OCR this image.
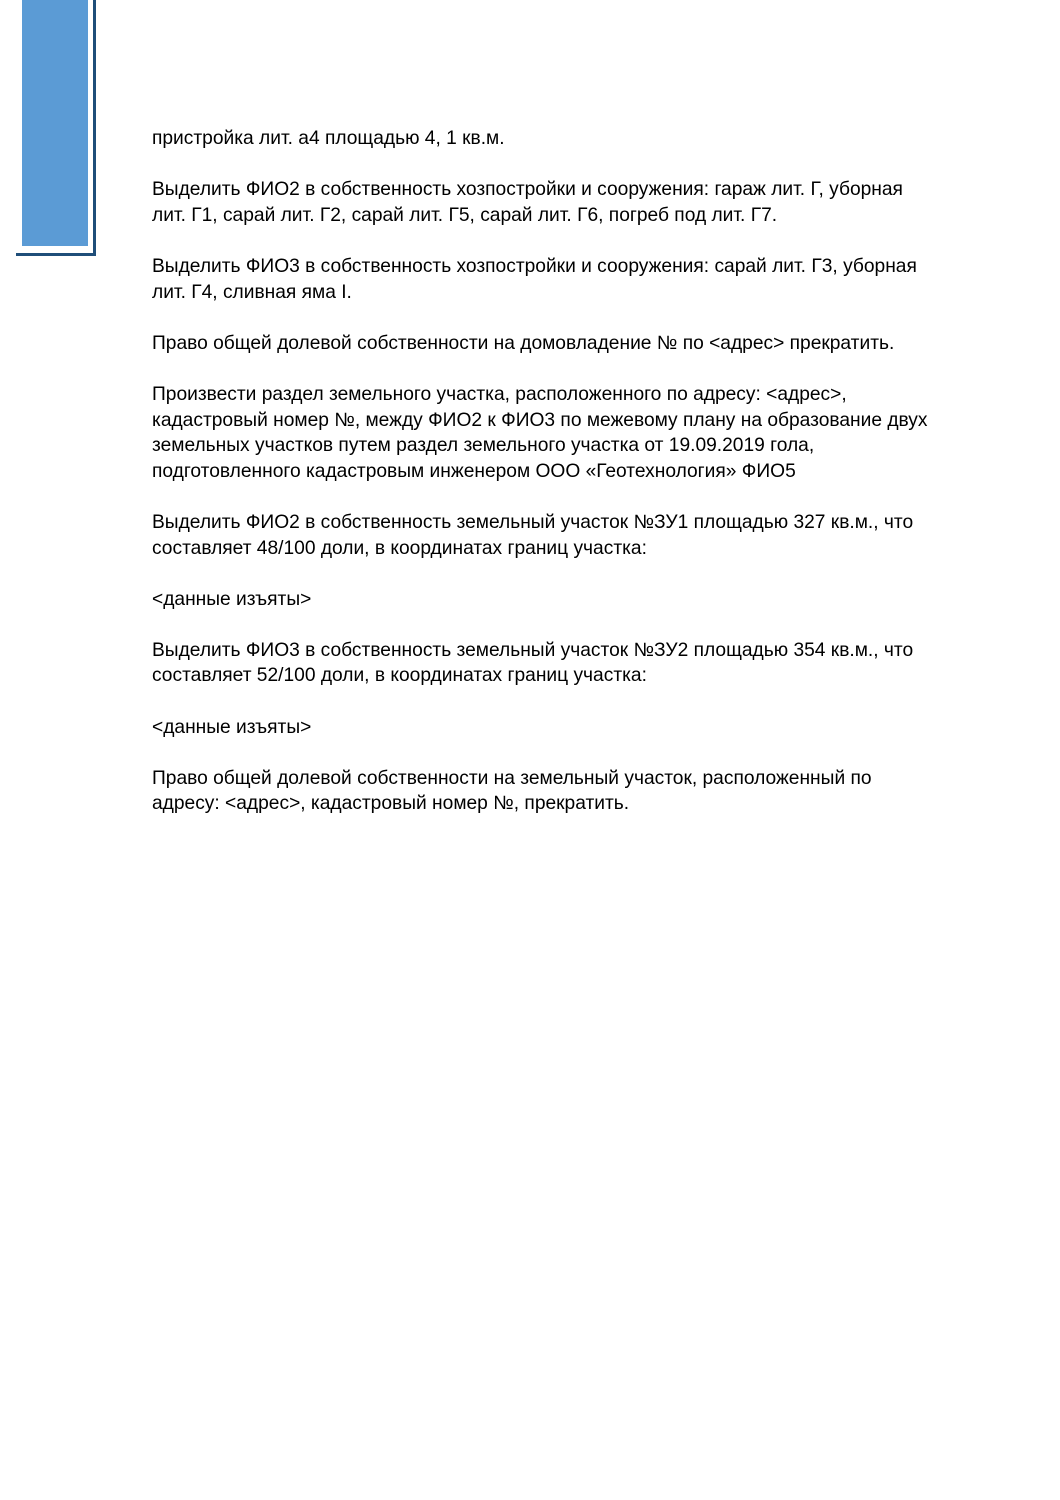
пристройка лит. а4 площадью 4, 1 кв.м.

Выделить ФИО2 в собственность хозпостройки и сооружения: гараж лит. Г, уборная
лит. Г1, сарай лит. Г2, сарай лит. Г5, сарай лит. Г6, погреб под лит. Г7.

Выделить ФИО3 в собственность хозпостройки и сооружения: сарай лит. Г3, уборная
лит. Г4, сливная яма I.

Право общей долевой собственности на домовладение № по <адрес> прекратить.

Произвести раздел земельного участка, расположенного по адресу: <адрес>,
кадастровый номер №, между ФИО2 к ФИО3 по межевому плану на образование двух
земельных участков путем раздел земельного участка от 19.09.2019 гола,
подготовленного кадастровым инженером ООО «Геотехнология» ФИО5

Выделить ФИО2 в собственность земельный участок №ЗУ1 площадью 327 кв.м., что
составляет 48/100 доли, в координатах границ участка:

<данные изъяты>

Выделить ФИО3 в собственность земельный участок №ЗУ2 площадью 354 кв.м., что
составляет 52/100 доли, в координатах границ участка:

<данные изъяты>

Право общей долевой собственности на земельный участок, расположенный по
адресу: <адрес>, кадастровый номер №, прекратить.
